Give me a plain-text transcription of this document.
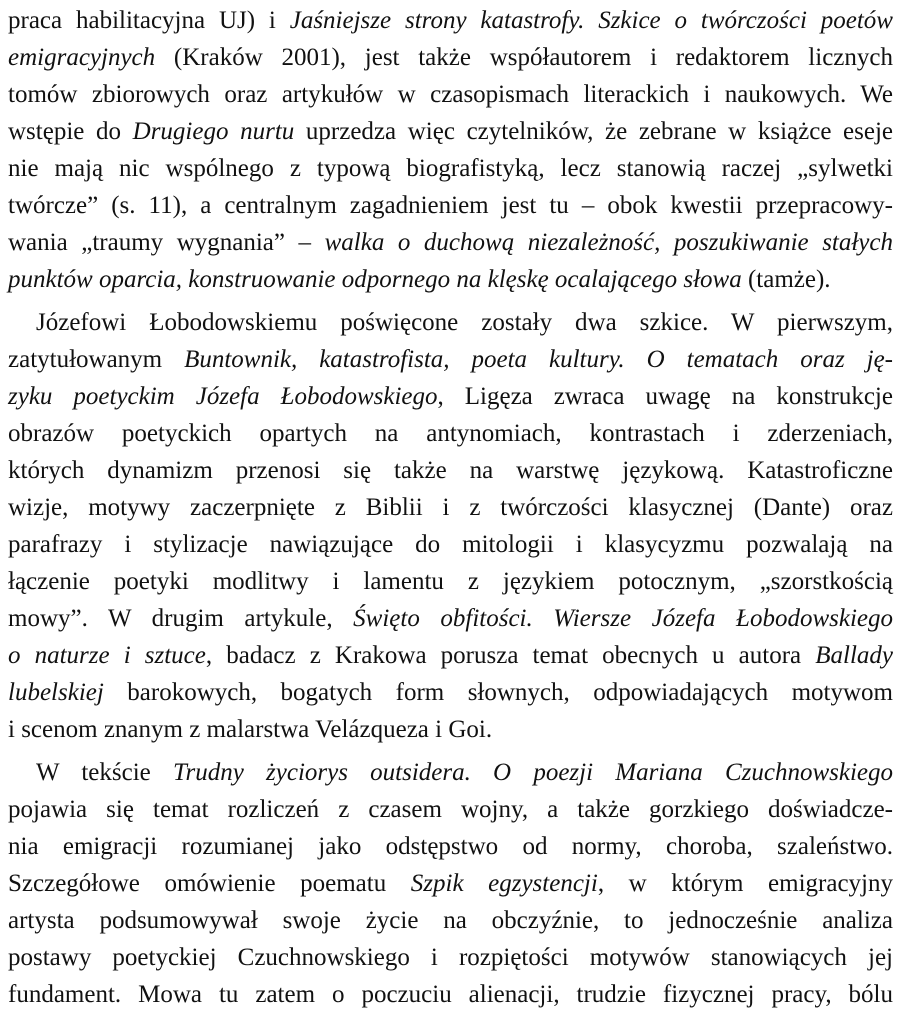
praca habilitacyjna UJ) i Jaśniejsze strony katastrofy. Szkice o twórczości poetów
emigracyjnych (Kraków 2001), jest także współautorem i redaktorem licznych
tomów zbiorowych oraz artykułów w czasopismach literackich i naukowych. We
wstępie do Drugiego nurtu uprzedza więc czytelników, że zebrane w książce eseje
nie mają nic wspólnego z typową biografistyką, lecz stanowią raczej „sylwetki
twórcze” (s. 11), a centralnym zagadnieniem jest tu – obok kwestii przepracowy-
wania „traumy wygnania” – walka o duchową niezależność, poszukiwanie stałych
punktów oparcia, konstruowanie odpornego na klęskę ocalającego słowa (tamże).
Józefowi Łobodowskiemu poświęcone zostały dwa szkice. W pierwszym,
zatytułowanym Buntownik, katastrofista, poeta kultury. O tematach oraz ję-
zyku poetyckim Józefa Łobodowskiego, Ligęza zwraca uwagę na konstrukcje
obrazów poetyckich opartych na antynomiach, kontrastach i zderzeniach,
których dynamizm przenosi się także na warstwę językową. Katastroficzne
wizje, motywy zaczerpnięte z Biblii i z twórczości klasycznej (Dante) oraz
parafrazy i stylizacje nawiązujące do mitologii i klasycyzmu pozwalają na
łączenie poetyki modlitwy i lamentu z językiem potocznym, „szorstkością
mowy”. W drugim artykule, Święto obfitości. Wiersze Józefa Łobodowskiego
o naturze i sztuce, badacz z Krakowa porusza temat obecnych u autora Ballady
lubelskiej barokowych, bogatych form słownych, odpowiadających motywom
i scenom znanym z malarstwa Velázqueza i Goi.
W tekście Trudny życiorys outsidera. O poezji Mariana Czuchnowskiego
pojawia się temat rozliczeń z czasem wojny, a także gorzkiego doświadcze-
nia emigracji rozumianej jako odstępstwo od normy, choroba, szaleństwo.
Szczegółowe omówienie poematu Szpik egzystencji, w którym emigracyjny
artysta podsumowywał swoje życie na obczyźnie, to jednocześnie analiza
postawy poetyckiej Czuchnowskiego i rozpiętości motywów stanowiących jej
fundament. Mowa tu zatem o poczuciu alienacji, trudzie fizycznej pracy, bólu
